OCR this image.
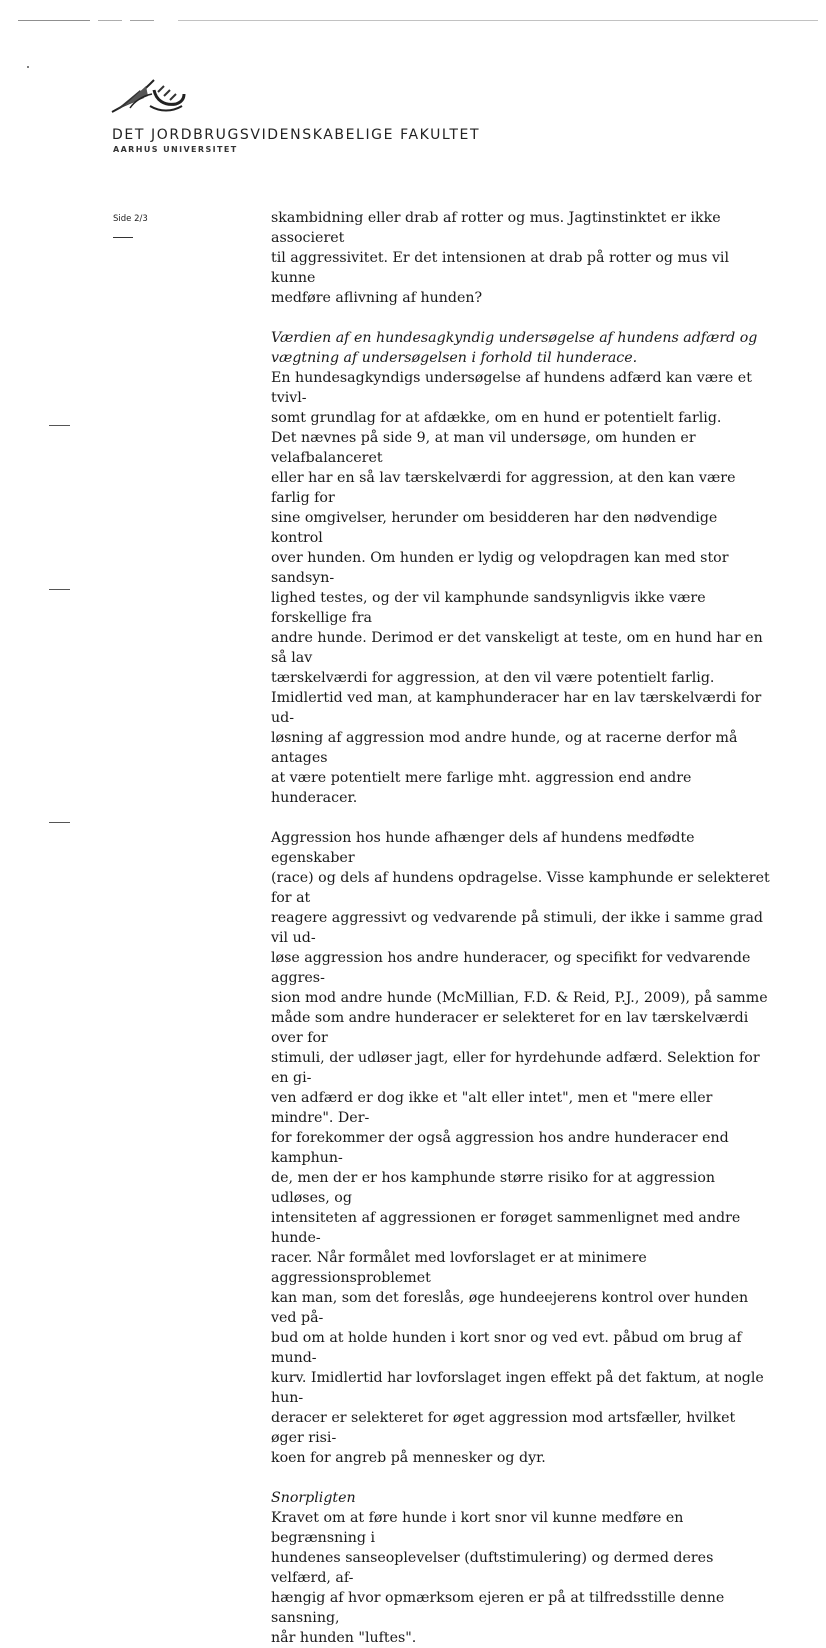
DET JORDBRUGSVIDENSKABELIGE FAKULTET
AARHUS UNIVERSITET
Side 2/3	skambidning eller drab af rotter og mus. Jagtinstinktet er ikke associeret
til aggressivitet. Er det intensionen at drab på rotter og mus vil kunne
medføre aflivning af hunden?

Værdien af en hundesagkyndig undersøgelse af hundens adfærd og
vægtning af undersøgelsen i forhold til hunderace.

En hundesagkyndigs undersøgelse af hundens adfærd kan være et tvivl-
somt grundlag for at afdække, om en hund er potentielt farlig.
Det nævnes på side 9, at man vil undersøge, om hunden er velafbalanceret
eller har en så lav tærskelværdi for aggression, at den kan være farlig for
sine omgivelser, herunder om besidderen har den nødvendige kontrol
over hunden. Om hunden er lydig og velopdragen kan med stor sandsyn-
lighed testes, og der vil kamphunde sandsynligvis ikke være forskellige fra
andre hunde. Derimod er det vanskeligt at teste, om en hund har en så lav
tærskelværdi for aggression, at den vil være potentielt farlig.
Imidlertid ved man, at kamphunderacer har en lav tærskelværdi for ud-
løsning af aggression mod andre hunde, og at racerne derfor må antages
at være potentielt mere farlige mht. aggression end andre hunderacer.

Aggression hos hunde afhænger dels af hundens medfødte egenskaber
(race) og dels af hundens opdragelse. Visse kamphunde er selekteret for at
reagere aggressivt og vedvarende på stimuli, der ikke i samme grad vil ud-
løse aggression hos andre hunderacer, og specifikt for vedvarende aggres-
sion mod andre hunde (McMillian, F.D. & Reid, P.J., 2009), på samme
måde som andre hunderacer er selekteret for en lav tærskelværdi over for
stimuli, der udløser jagt, eller for hyrdehunde adfærd. Selektion for en gi-
ven adfærd er dog ikke et "alt eller intet", men et "mere eller mindre". Der-
for forekommer der også aggression hos andre hunderacer end kamphun-
de, men der er hos kamphunde større risiko for at aggression udløses, og
intensiteten af aggressionen er forøget sammenlignet med andre hunde-
racer. Når formålet med lovforslaget er at minimere aggressionsproblemet
kan man, som det foreslås, øge hundeejerens kontrol over hunden ved på-
bud om at holde hunden i kort snor og ved evt. påbud om brug af mund-
kurv. Imidlertid har lovforslaget ingen effekt på det faktum, at nogle hun-
deracer er selekteret for øget aggression mod artsfæller, hvilket øger risi-
koen for angreb på mennesker og dyr.

Snorpligten

Kravet om at føre hunde i kort snor vil kunne medføre en begrænsning i
hundenes sanseoplevelser (duftstimulering) og dermed deres velfærd, af-
hængig af hvor opmærksom ejeren er på at tilfredsstille denne sansning,
når hunden "luftes".
